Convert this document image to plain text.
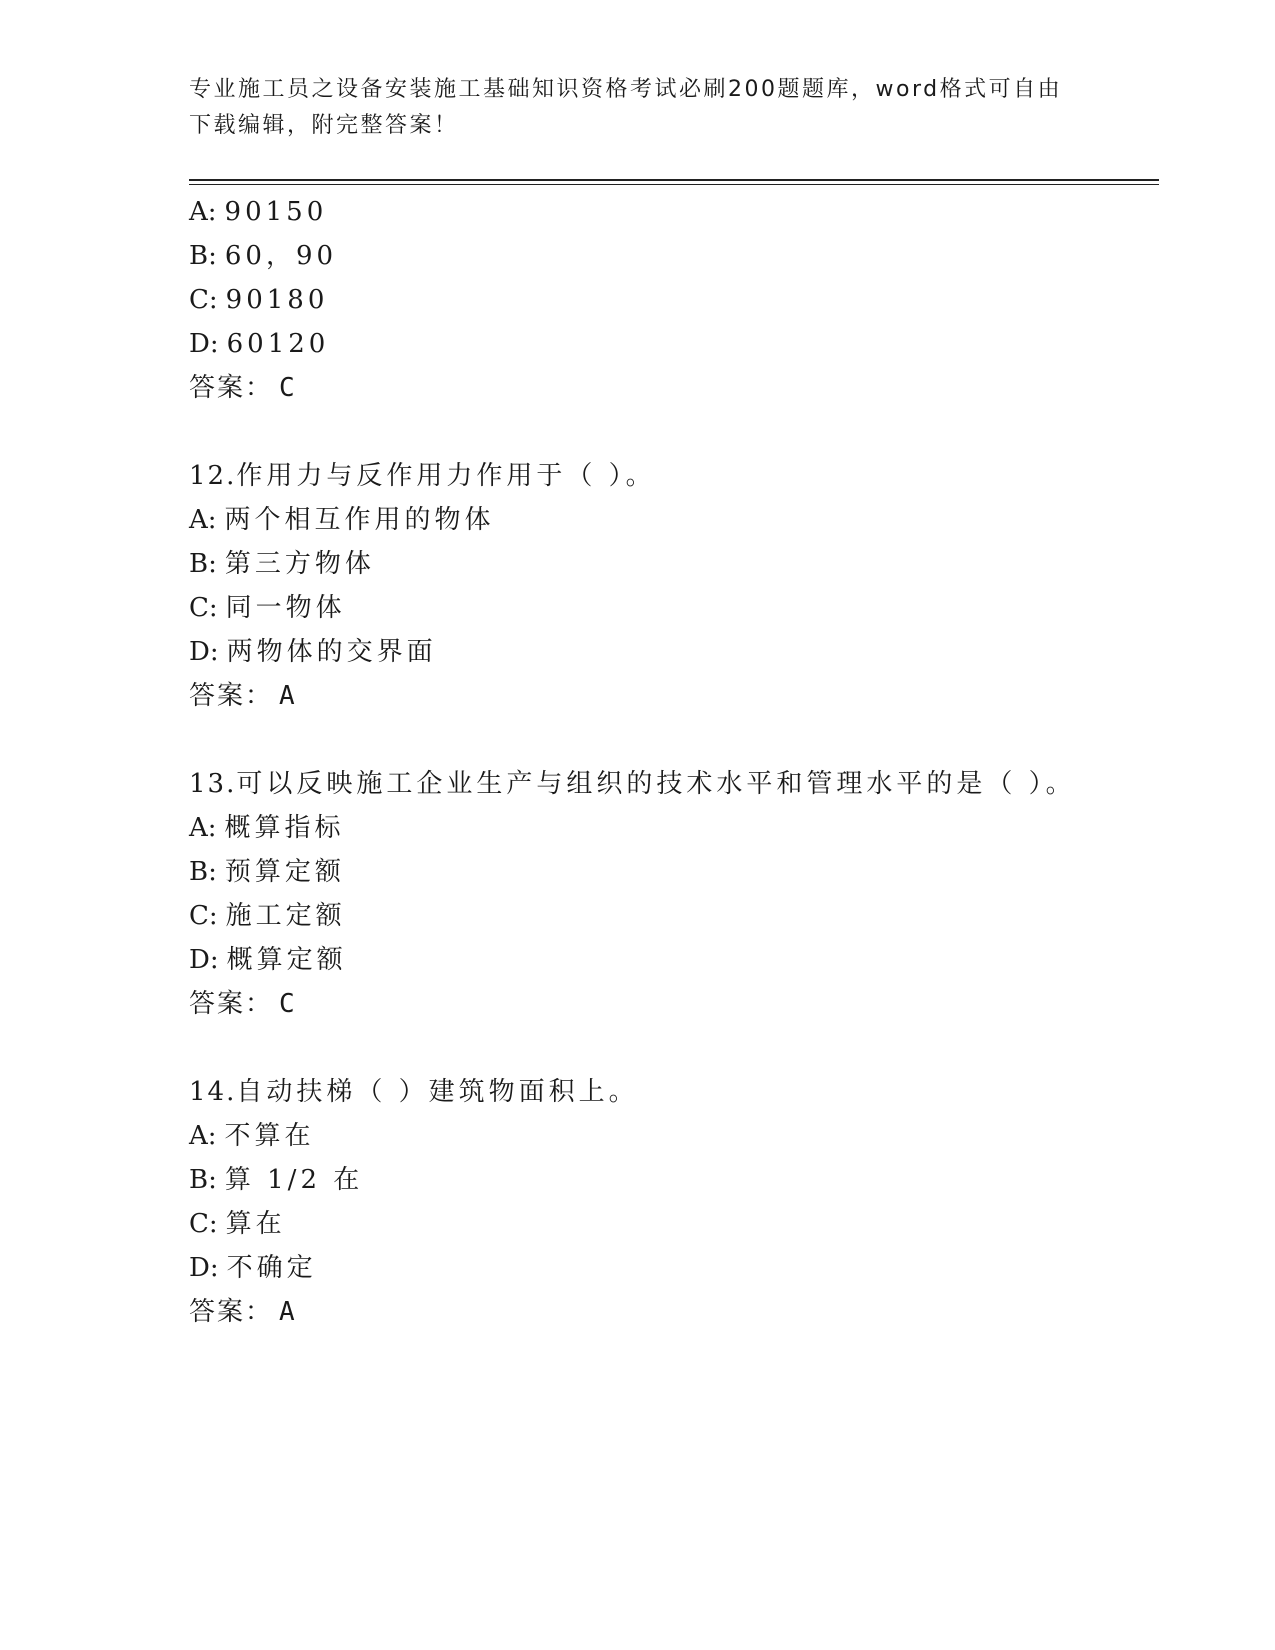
专业施工员之设备安装施工基础知识资格考试必刷200题题库，word格式可自由
下载编辑，附完整答案！
A: 90150
B: 60，90
C: 90180
D: 60120
答案： C
12.作用力与反作用力作用于（ ）。
A: 两个相互作用的物体
B: 第三方物体
C: 同一物体
D: 两物体的交界面
答案： A
13.可以反映施工企业生产与组织的技术水平和管理水平的是（ ）。
A: 概算指标
B: 预算定额
C: 施工定额
D: 概算定额
答案： C
14.自动扶梯（ ）建筑物面积上。
A: 不算在
B: 算 1/2 在
C: 算在
D: 不确定
答案： A
